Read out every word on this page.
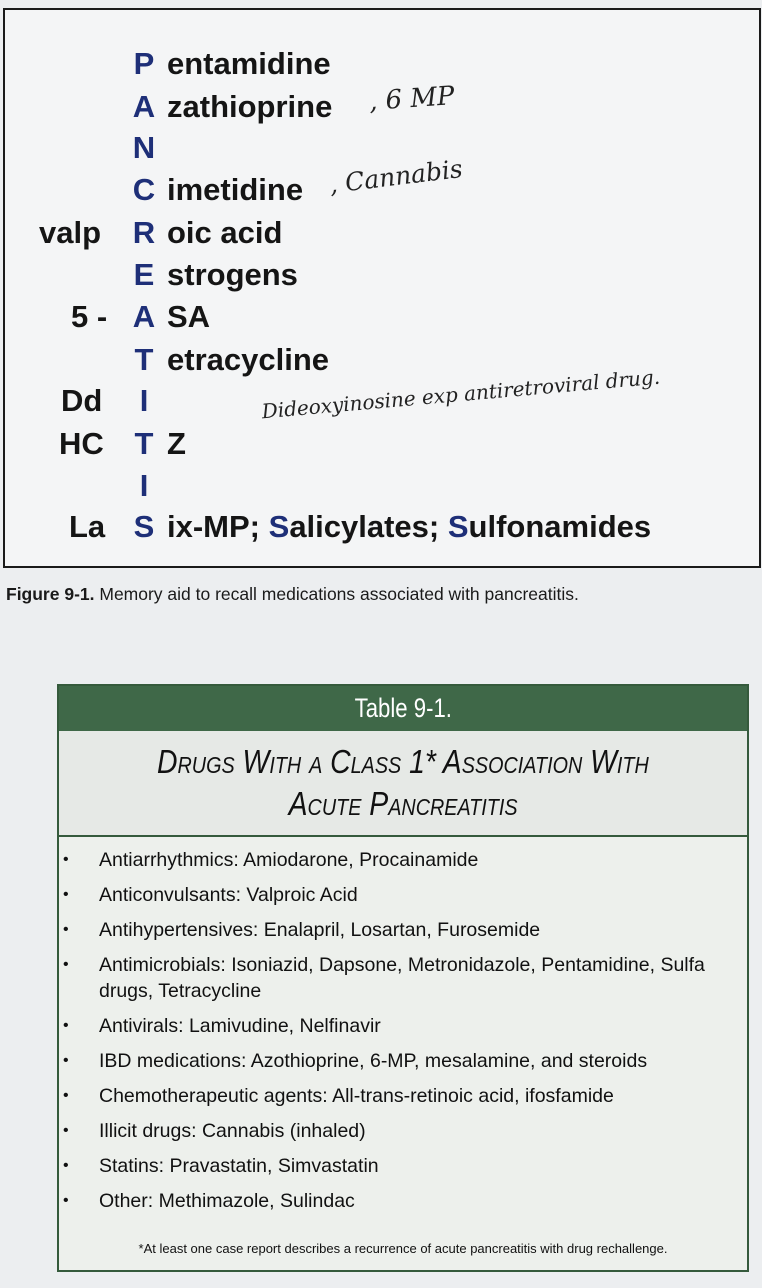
P entamidine
A zathioprine
N
C imetidine
valp R oic acid
E strogens
5 - A SA
T etracycline
Dd	I
HC T Z
I
La S ix-MP; Salicylates; Sulfonamides
, 6 MP
, Cannabis
Dideoxyinosine exp antiretroviral drug.
Figure 9-1. Memory aid to recall medications associated with pancreatitis.
Table 9-1.
Drugs With a Class 1* Association With
Acute Pancreatitis
• Antiarrhythmics: Amiodarone, Procainamide
• Anticonvulsants: Valproic Acid
• Antihypertensives: Enalapril, Losartan, Furosemide
• Antimicrobials: Isoniazid, Dapsone, Metronidazole, Pentamidine, Sulfa drugs, Tetracycline
• Antivirals: Lamivudine, Nelfinavir
• IBD medications: Azothioprine, 6-MP, mesalamine, and steroids
• Chemotherapeutic agents: All-trans-retinoic acid, ifosfamide
• Illicit drugs: Cannabis (inhaled)
• Statins: Pravastatin, Simvastatin
• Other: Methimazole, Sulindac
*At least one case report describes a recurrence of acute pancreatitis with drug rechallenge.
